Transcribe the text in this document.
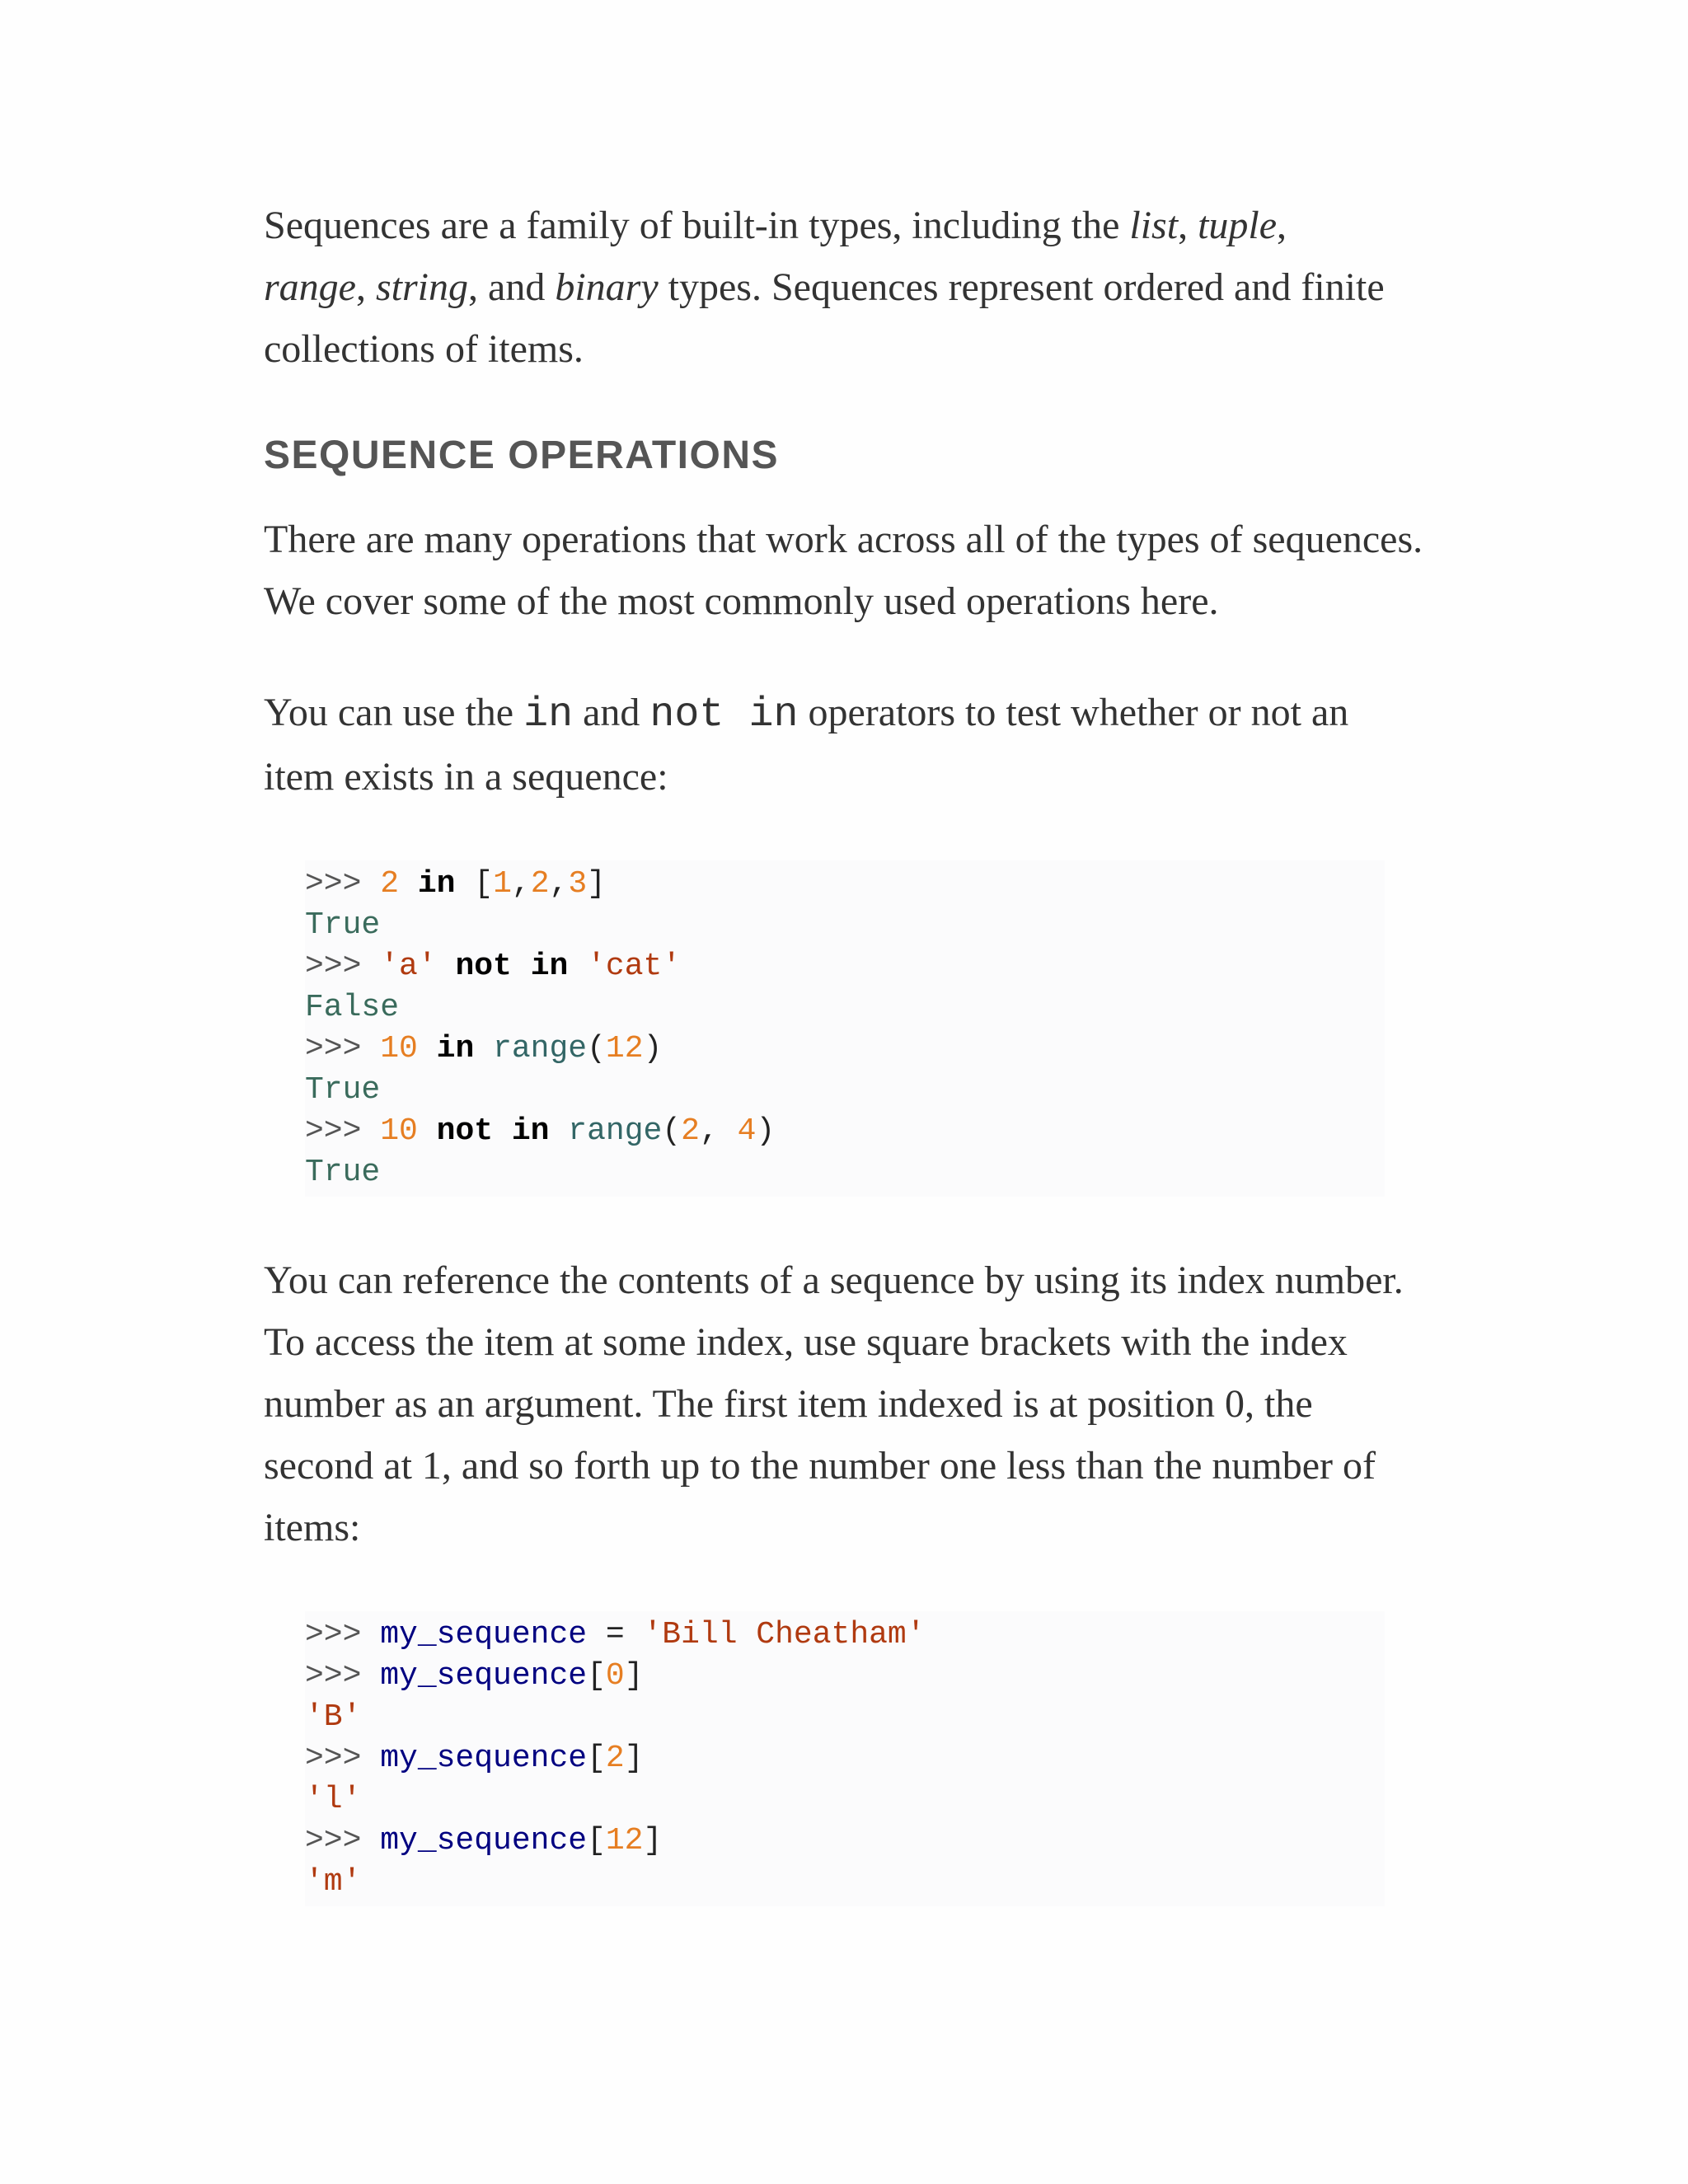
Sequences are a family of built-in types, including the list, tuple,
range, string, and binary types. Sequences represent ordered and finite collections of items.

SEQUENCE OPERATIONS

There are many operations that work across all of the types of sequences. We cover some of the most commonly used operations here.

You can use the in and not in operators to test whether or not an item exists in a sequence:

>>> 2 in [1,2,3]
True
>>> 'a' not in 'cat'
False
>>> 10 in range(12)
True
>>> 10 not in range(2, 4)
True

You can reference the contents of a sequence by using its index number. To access the item at some index, use square brackets with the index number as an argument. The first item indexed is at position 0, the second at 1, and so forth up to the number one less than the number of items:

>>> my_sequence = 'Bill Cheatham'
>>> my_sequence[0]
'B'
>>> my_sequence[2]
'l'
>>> my_sequence[12]
'm'
